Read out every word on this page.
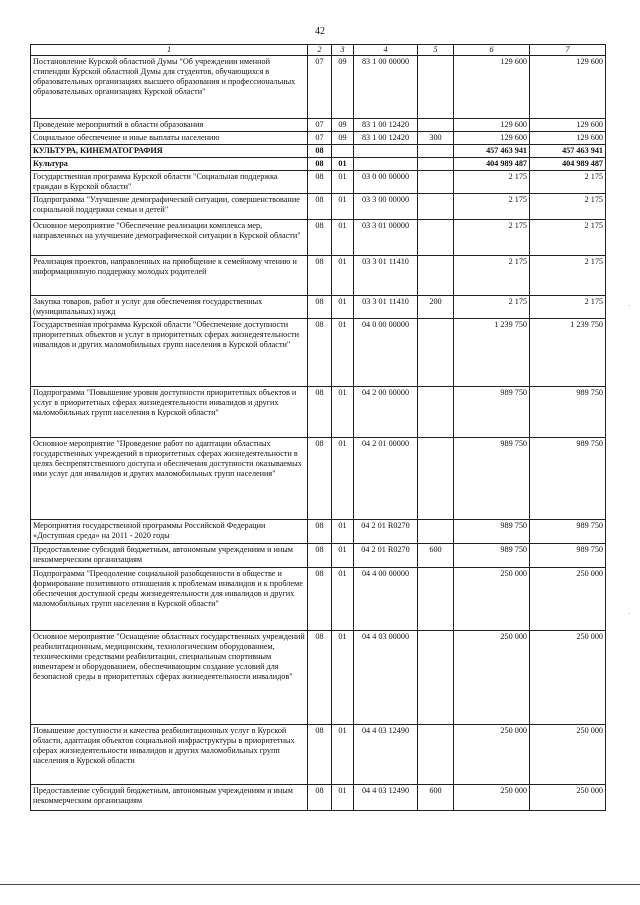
42
1	2	3	4	5	6	7
Постановление Курской областной Думы "Об учреждении именной стипендии Курской областной Думы для студентов, обучающихся в образовательных организациях высшего образования и профессиональных образовательных организациях Курской области"	07	09	83 1 00 00000		129 600	129 600
Проведение мероприятий в области образования	07	09	83 1 00 12420		129 600	129 600
Социальное обеспечение и иные выплаты населению	07	09	83 1 00 12420	300	129 600	129 600
КУЛЬТУРА, КИНЕМАТОГРАФИЯ	08				457 463 941	457 463 941
Культура	08	01			404 989 487	404 989 487
Государственная программа Курской области "Социальная поддержка граждан в Курской области"	08	01	03 0 00 00000		2 175	2 175
Подпрограмма "Улучшение демографической ситуации, совершенствование социальной поддержки семьи и детей"	08	01	03 3 00 00000		2 175	2 175
Основное мероприятие "Обеспечение реализации комплекса мер, направленных на улучшение демографической ситуации в Курской области"	08	01	03 3 01 00000		2 175	2 175
Реализация проектов, направленных на приобщение к семейному чтению и информационную поддержку молодых родителей	08	01	03 3 01 11410		2 175	2 175
Закупка товаров, работ и услуг для обеспечения государственных (муниципальных) нужд	08	01	03 3 01 11410	200	2 175	2 175
Государственная программа Курской области "Обеспечение доступности приоритетных объектов и услуг в приоритетных сферах жизнедеятельности инвалидов и других маломобильных групп населения в Курской области"	08	01	04 0 00 00000		1 239 750	1 239 750
Подпрограмма "Повышение уровня доступности приоритетных объектов и услуг в приоритетных сферах жизнедеятельности инвалидов и других маломобильных групп населения в Курской области"	08	01	04 2 00 00000		989 750	989 750
Основное мероприятие "Проведение работ по адаптации областных государственных учреждений в приоритетных сферах жизнедеятельности в целях беспрепятственного доступа и обеспечения доступности оказываемых ими услуг для инвалидов и других маломобильных групп населения"	08	01	04 2 01 00000		989 750	989 750
Мероприятия государственной программы Российской Федерации «Доступная среда» на 2011 - 2020 годы	08	01	04 2 01 R0270		989 750	989 750
Предоставление субсидий бюджетным, автономным учреждениям и иным некоммерческим организациям	08	01	04 2 01 R0270	600	989 750	989 750
Подпрограмма "Преодоление социальной разобщенности в обществе и формирование позитивного отношения к проблемам инвалидов и к проблеме обеспечения доступной среды жизнедеятельности для инвалидов и других маломобильных групп населения в Курской области"	08	01	04 4 00 00000		250 000	250 000
Основное мероприятие "Оснащение областных государственных учреждений реабилитационным, медицинским, технологическим оборудованием, техническими средствами реабилитации, специальным спортивным инвентарем и оборудованием, обеспечивающим создание условий для безопасной среды в приоритетных сферах жизнедеятельности инвалидов"	08	01	04 4 03 00000		250 000	250 000
Повышение доступности и качества реабилитационных услуг в Курской области, адаптация объектов социальной инфраструктуры в приоритетных сферах жизнедеятельности инвалидов и других маломобильных групп населения в Курской области	08	01	04 4 03 12490		250 000	250 000
Предоставление субсидий бюджетным, автономным учреждениям и иным некоммерческим организациям	08	01	04 4 03 12490	600	250 000	250 000
·
·
